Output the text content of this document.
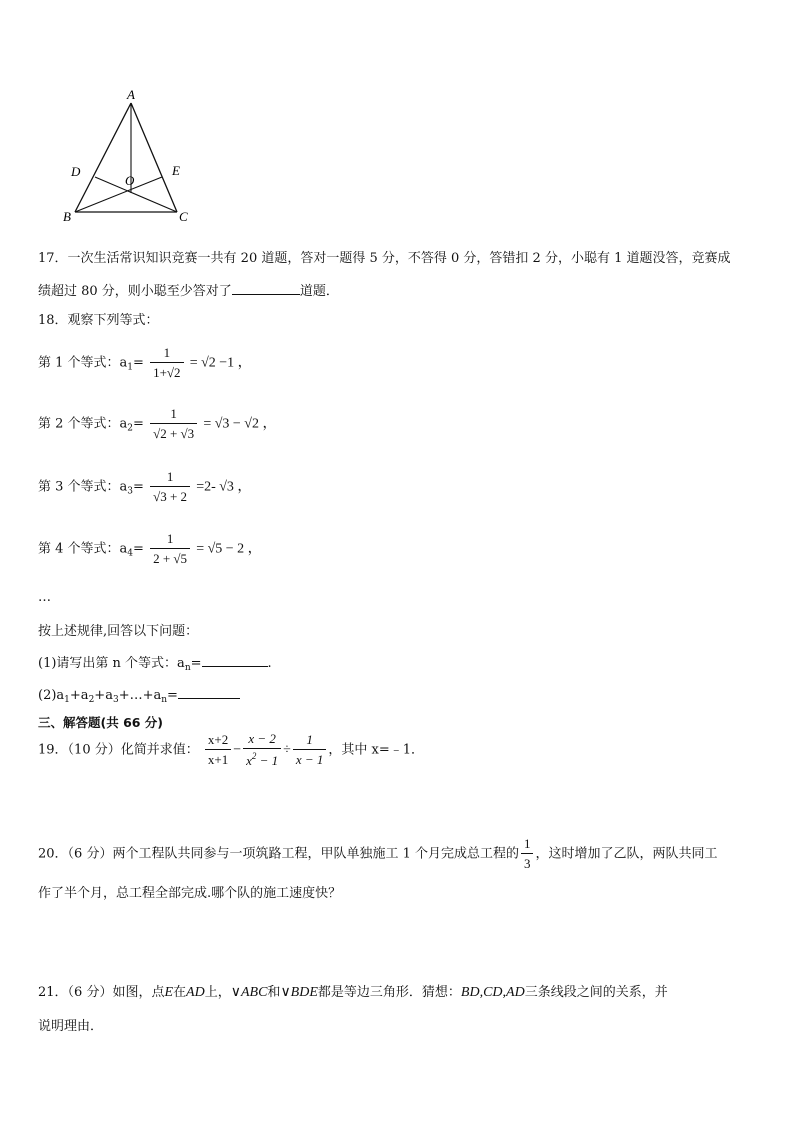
A
D	E
O
B	C
17．一次生活常识知识竞赛一共有 20 道题，答对一题得 5 分，不答得 0 分，答错扣 2 分，小聪有 1 道题没答，竞赛成
绩超过 80 分，则小聪至少答对了	道题．
18．观察下列等式：
第 1 个等式：$a_1= \frac{1}{1+√2} = √2 -1$ ，
第 2 个等式：$a_2= \frac{1}{√2 + √3} = √3 - √2$ ，
第 3 个等式：$a_3= \frac{1}{√3 + 2} =2-$ √3 ，
第 4 个等式：$a_4= \frac{1}{2 + √5} = √5 - 2$ ，
…
按上述规律,回答以下问题：
(1)请写出第 n 个等式：$a_n=$	.
$(2)a_1+a_2+a_3+\dots+a_n=$
三、解答题(共 66 分)
19．（10 分）化简并求值： $\frac{x+2}{x+1} - \frac{x - 2}{x^2 - 1} \div \frac{1}{x - 1}$ ，其中 x=﹣1．
20．（6 分）两个工程队共同参与一项筑路工程，甲队单独施工 1 个月完成总工程的 $\frac{1}{3}$ ，这时增加了乙队，两队共同工
作了半个月，总工程全部完成.哪个队的施工速度快？
21．（6 分）如图，点E在AD上，∨ABC和∨BDE都是等边三角形．猜想：BD,CD,AD三条线段之间的关系，并
说明理由．
